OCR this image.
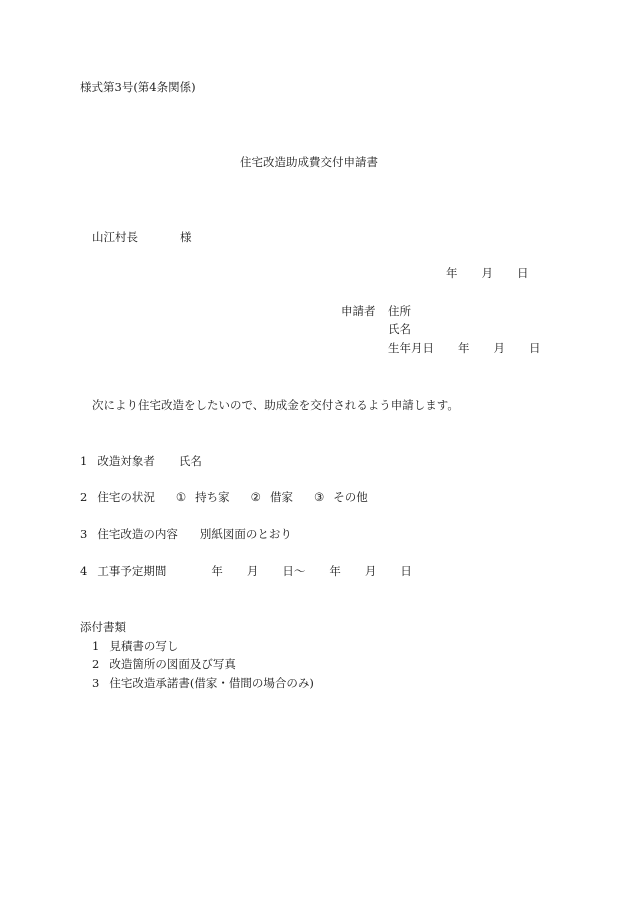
様式第3号(第4条関係)
住宅改造助成費交付申請書
山江村長	様
年 月 日
申請者 住所
氏名
生年月日 年 月 日
次により住宅改造をしたいので、助成金を交付されるよう申請します。
1 改造対象者 氏名
2 住宅の状況 ① 持ち家 ② 借家 ③ その他
3 住宅改造の内容 別紙図面のとおり
4 工事予定期間	年 月 日～ 年 月 日
添付書類
1 見積書の写し
2 改造箇所の図面及び写真
3 住宅改造承諾書(借家・借間の場合のみ)
